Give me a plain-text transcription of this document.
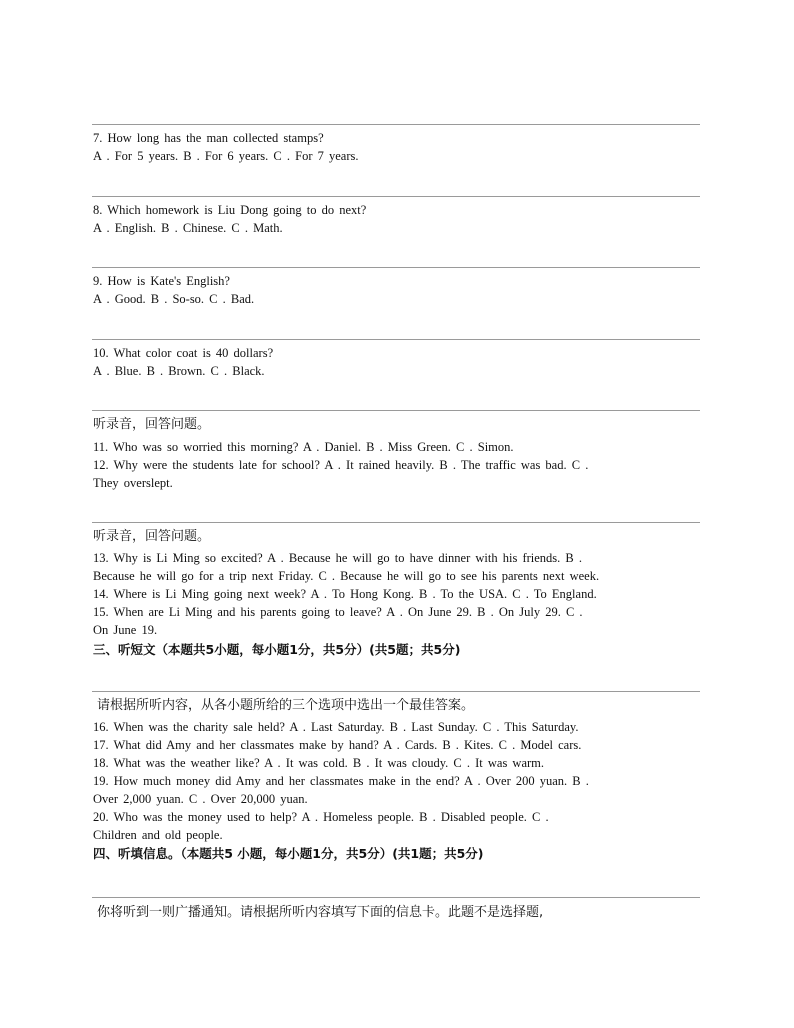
7. How long has the man collected stamps?
A . For 5 years. B . For 6 years. C . For 7 years.
8. Which homework is Liu Dong going to do next?
A . English. B . Chinese. C . Math.
9. How is Kate's English?
A . Good. B . So-so. C . Bad.
10. What color coat is 40 dollars?
A . Blue. B . Brown. C . Black.
听录音，回答问题。
11. Who was so worried this morning? A . Daniel. B . Miss Green. C . Simon.
12. Why were the students late for school? A . It rained heavily. B . The traffic was bad. C .
They overslept.
听录音，回答问题。
13. Why is Li Ming so excited? A . Because he will go to have dinner with his friends. B .
Because he will go for a trip next Friday. C . Because he will go to see his parents next week.
14. Where is Li Ming going next week? A . To Hong Kong. B . To the USA. C . To England.
15. When are Li Ming and his parents going to leave? A . On June 29. B . On July 29. C .
On June 19.
三、听短文（本题共5小题，每小题1分，共5分）(共5题；共5分)
请根据所听内容，从各小题所给的三个选项中选出一个最佳答案。
16. When was the charity sale held? A . Last Saturday. B . Last Sunday. C . This Saturday.
17. What did Amy and her classmates make by hand? A . Cards. B . Kites. C . Model cars.
18. What was the weather like? A . It was cold. B . It was cloudy. C . It was warm.
19. How much money did Amy and her classmates make in the end? A . Over 200 yuan. B .
Over 2,000 yuan. C . Over 20,000 yuan.
20. Who was the money used to help? A . Homeless people. B . Disabled people. C .
Children and old people.
四、听填信息。（本题共5 小题，每小题1分，共5分）(共1题；共5分)
你将听到一则广播通知。请根据所听内容填写下面的信息卡。此题不是选择题,
